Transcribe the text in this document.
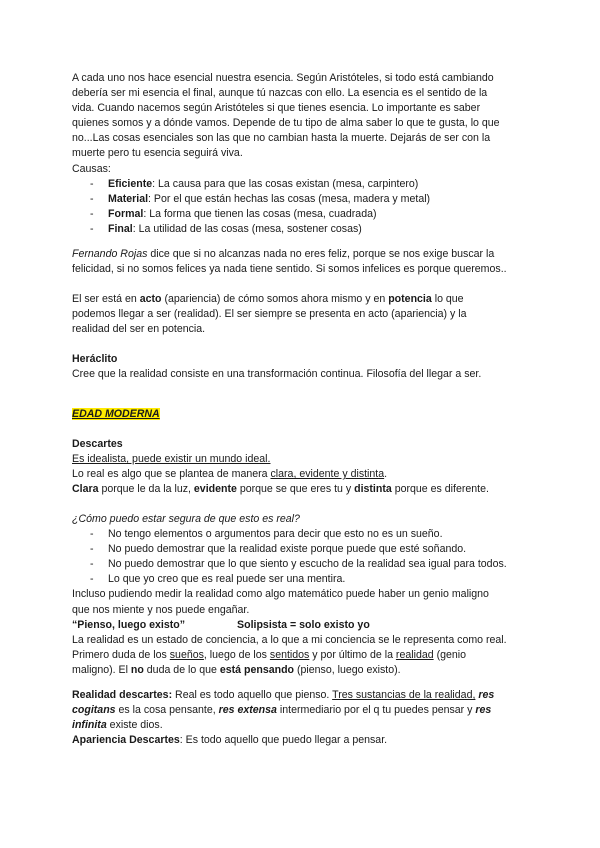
A cada uno nos hace esencial nuestra esencia. Según Aristóteles, si todo está cambiando
debería ser mi esencia el final, aunque tú nazcas con ello. La esencia es el sentido de la
vida. Cuando nacemos según Aristóteles si que tienes esencia. Lo importante es saber
quienes somos y a dónde vamos. Depende de tu tipo de alma saber lo que te gusta, lo que
no...Las cosas esenciales son las que no cambian hasta la muerte. Dejarás de ser con la
muerte pero tu esencia seguirá viva.
Causas:
- Eficiente: La causa para que las cosas existan (mesa, carpintero)
- Material: Por el que están hechas las cosas (mesa, madera y metal)
- Formal: La forma que tienen las cosas (mesa, cuadrada)
- Final: La utilidad de las cosas (mesa, sostener cosas)
Fernando Rojas dice que si no alcanzas nada no eres feliz, porque se nos exige buscar la
felicidad, si no somos felices ya nada tiene sentido. Si somos infelices es porque queremos..
El ser está en acto (apariencia) de cómo somos ahora mismo y en potencia lo que
podemos llegar a ser (realidad). El ser siempre se presenta en acto (apariencia) y la
realidad del ser en potencia.
Heráclito
Cree que la realidad consiste en una transformación continua. Filosofía del llegar a ser.
EDAD MODERNA
Descartes
Es idealista, puede existir un mundo ideal.
Lo real es algo que se plantea de manera clara, evidente y distinta.
Clara porque le da la luz, evidente porque se que eres tu y distinta porque es diferente.
¿Cómo puedo estar segura de que esto es real?
- No tengo elementos o argumentos para decir que esto no es un sueño.
- No puedo demostrar que la realidad existe porque puede que esté soñando.
- No puedo demostrar que lo que siento y escucho de la realidad sea igual para todos.
- Lo que yo creo que es real puede ser una mentira.
Incluso pudiendo medir la realidad como algo matemático puede haber un genio maligno
que nos miente y nos puede engañar.
“Pienso, luego existo”	Solipsista = solo existo yo
La realidad es un estado de conciencia, a lo que a mi conciencia se le representa como real.
Primero duda de los sueños, luego de los sentidos y por último de la realidad (genio
maligno). El no duda de lo que está pensando (pienso, luego existo).
Realidad descartes: Real es todo aquello que pienso. Tres sustancias de la realidad, res
cogitans es la cosa pensante, res extensa intermediario por el q tu puedes pensar y res
infinita existe dios.
Apariencia Descartes: Es todo aquello que puedo llegar a pensar.
